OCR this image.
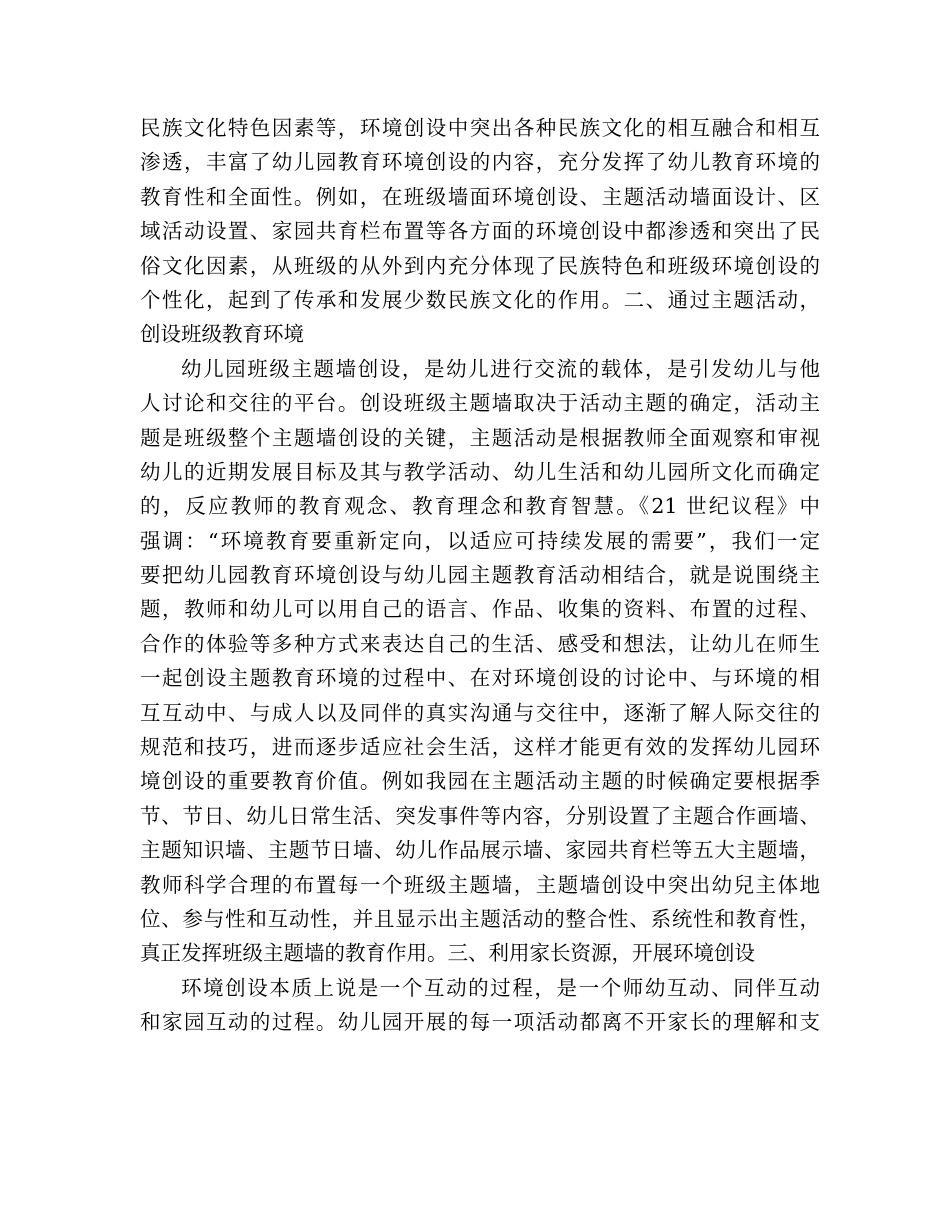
民族文化特色因素等，环境创设中突出各种民族文化的相互融合和相互
渗透，丰富了幼儿园教育环境创设的内容，充分发挥了幼儿教育环境的
教育性和全面性。例如，在班级墙面环境创设、主题活动墙面设计、区
域活动设置、家园共育栏布置等各方面的环境创设中都渗透和突出了民
俗文化因素，从班级的从外到内充分体现了民族特色和班级环境创设的
个性化，起到了传承和发展少数民族文化的作用。二、通过主题活动，
创设班级教育环境
幼儿园班级主题墙创设，是幼儿进行交流的载体，是引发幼儿与他
人讨论和交往的平台。创设班级主题墙取决于活动主题的确定，活动主
题是班级整个主题墙创设的关键，主题活动是根据教师全面观察和审视
幼儿的近期发展目标及其与教学活动、幼儿生活和幼儿园所文化而确定
的，反应教师的教育观念、教育理念和教育智慧。《21 世纪议程》中
强调：“环境教育要重新定向，以适应可持续发展的需要”，我们一定
要把幼儿园教育环境创设与幼儿园主题教育活动相结合，就是说围绕主
题，教师和幼儿可以用自己的语言、作品、收集的资料、布置的过程、
合作的体验等多种方式来表达自己的生活、感受和想法，让幼儿在师生
一起创设主题教育环境的过程中、在对环境创设的讨论中、与环境的相
互互动中、与成人以及同伴的真实沟通与交往中，逐渐了解人际交往的
规范和技巧，进而逐步适应社会生活，这样才能更有效的发挥幼儿园环
境创设的重要教育价值。例如我园在主题活动主题的时候确定要根据季
节、节日、幼儿日常生活、突发事件等内容，分别设置了主题合作画墙、
主题知识墙、主题节日墙、幼儿作品展示墙、家园共育栏等五大主题墙，
教师科学合理的布置每一个班级主题墙，主题墙创设中突出幼兒主体地
位、参与性和互动性，并且显示出主题活动的整合性、系统性和教育性，
真正发挥班级主题墙的教育作用。三、利用家长资源，开展环境创设
环境创设本质上说是一个互动的过程，是一个师幼互动、同伴互动
和家园互动的过程。幼儿园开展的每一项活动都离不开家长的理解和支
